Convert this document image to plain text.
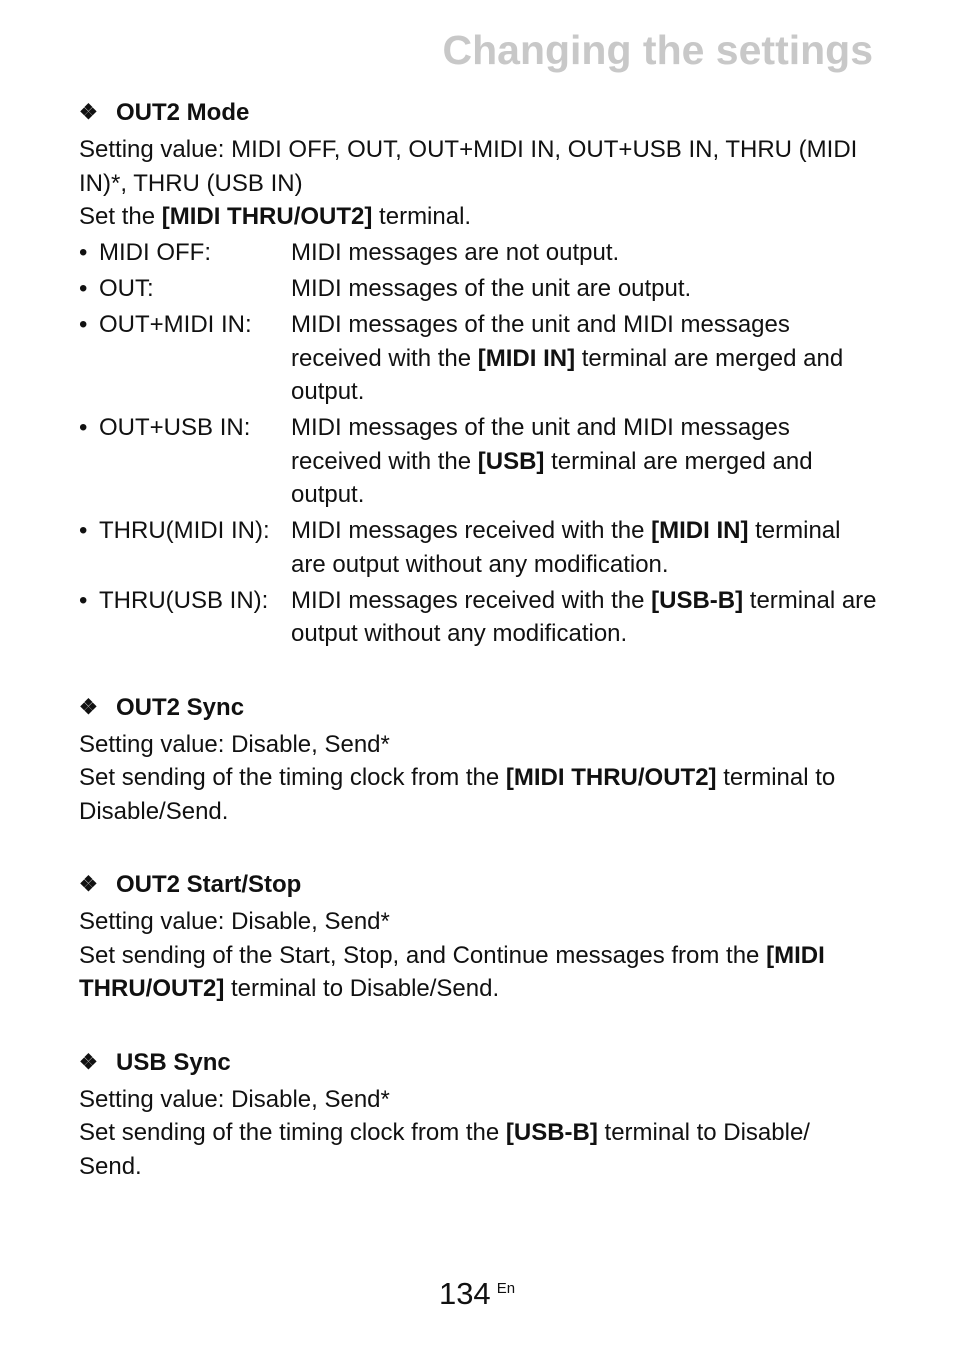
Changing the settings
❖ OUT2 Mode

Setting value: MIDI OFF, OUT, OUT+MIDI IN, OUT+USB IN, THRU (MIDI IN)*, THRU (USB IN)

Set the [MIDI THRU/OUT2] terminal.

• MIDI OFF:	MIDI messages are not output.
• OUT:	MIDI messages of the unit are output.
• OUT+MIDI IN:	MIDI messages of the unit and MIDI messages received with the [MIDI IN] terminal are merged and output.
• OUT+USB IN:	MIDI messages of the unit and MIDI messages received with the [USB] terminal are merged and output.
• THRU(MIDI IN): MIDI messages received with the [MIDI IN] terminal are output without any modification.
• THRU(USB IN): MIDI messages received with the [USB-B] terminal are output without any modification.
❖ OUT2 Sync

Setting value: Disable, Send*

Set sending of the timing clock from the [MIDI THRU/OUT2] terminal to Disable/Send.

❖ OUT2 Start/Stop

Setting value: Disable, Send*

Set sending of the Start, Stop, and Continue messages from the [MIDI THRU/OUT2] terminal to Disable/Send.

❖ USB Sync

Setting value: Disable, Send*

Set sending of the timing clock from the [USB-B] terminal to Disable/ Send.

134 En
